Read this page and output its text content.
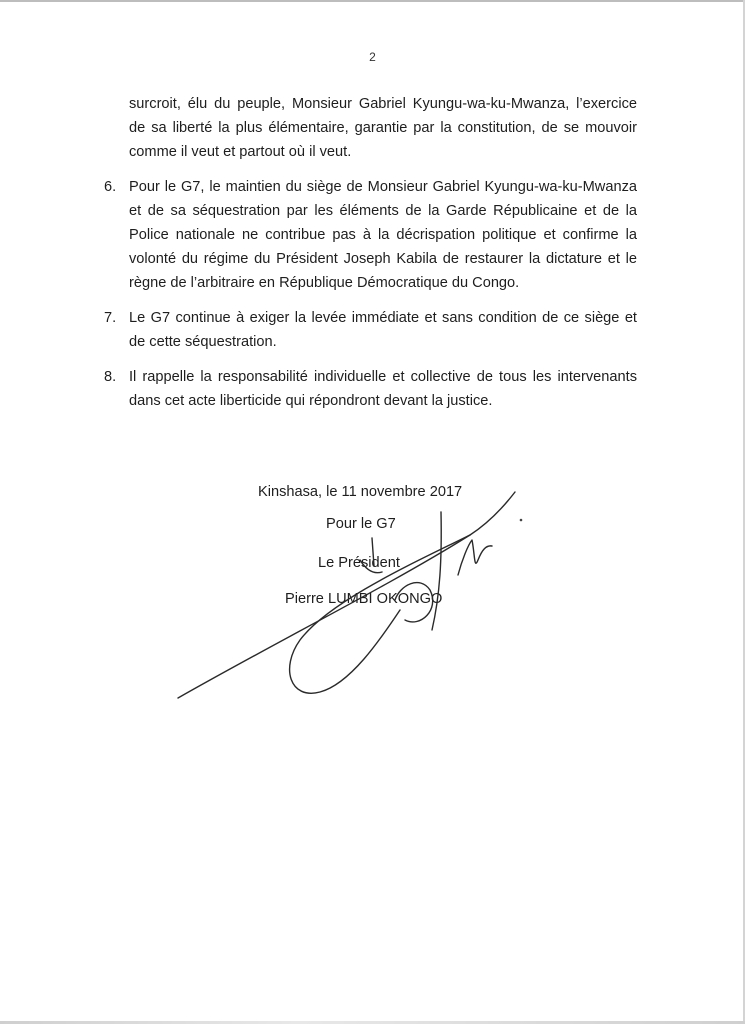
2

surcroit, élu du peuple, Monsieur Gabriel Kyungu-wa-ku-Mwanza, l’exercice de sa liberté la plus élémentaire, garantie par la constitution, de se mouvoir comme il veut et partout où il veut.

6. Pour le G7, le maintien du siège de Monsieur Gabriel Kyungu-wa-ku-Mwanza et de sa séquestration par les éléments de la Garde Républicaine et de la Police nationale ne contribue pas à la décrispation politique et confirme la volonté du régime du Président Joseph Kabila de restaurer la dictature et le règne de l’arbitraire en République Démocratique du Congo.

7. Le G7 continue à exiger la levée immédiate et sans condition de ce siège et de cette séquestration.

8. Il rappelle la responsabilité individuelle et collective de tous les intervenants dans cet acte liberticide qui répondront devant la justice.

Kinshasa, le 11 novembre 2017
Pour le G7
Le Président
Pierre LUMBI OKONGO
